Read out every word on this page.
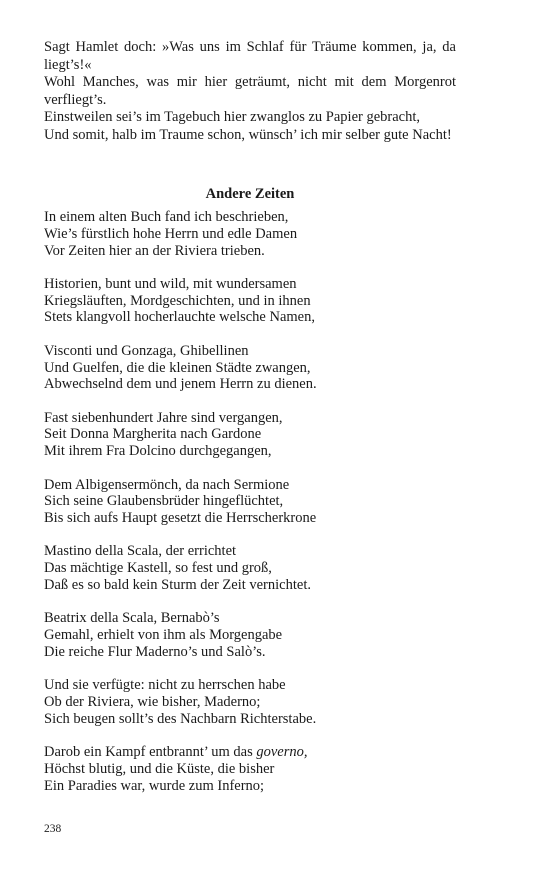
Sagt Hamlet doch: »Was uns im Schlaf für Träume kommen, ja, da liegt’s!«

Wohl Manches, was mir hier geträumt, nicht mit dem Morgenrot verfliegt’s.

Einstweilen sei’s im Tagebuch hier zwanglos zu Papier gebracht,

Und somit, halb im Traume schon, wünsch’ ich mir selber gute Nacht!

Andere Zeiten
In einem alten Buch fand ich beschrieben,
Wie’s fürstlich hohe Herrn und edle Damen
Vor Zeiten hier an der Riviera trieben.
Historien, bunt und wild, mit wundersamen
Kriegsläuften, Mordgeschichten, und in ihnen
Stets klangvoll hocherlauchte welsche Namen,
Visconti und Gonzaga, Ghibellinen
Und Guelfen, die die kleinen Städte zwangen,
Abwechselnd dem und jenem Herrn zu dienen.
Fast siebenhundert Jahre sind vergangen,
Seit Donna Margherita nach Gardone
Mit ihrem Fra Dolcino durchgegangen,
Dem Albigensermönch, da nach Sermione
Sich seine Glaubensbrüder hingeflüchtet,
Bis sich aufs Haupt gesetzt die Herrscherkrone
Mastino della Scala, der errichtet
Das mächtige Kastell, so fest und groß,
Daß es so bald kein Sturm der Zeit vernichtet.
Beatrix della Scala, Bernabò’s
Gemahl, erhielt von ihm als Morgengabe
Die reiche Flur Maderno’s und Salò’s.
Und sie verfügte: nicht zu herrschen habe
Ob der Riviera, wie bisher, Maderno;
Sich beugen sollt’s des Nachbarn Richterstabe.
Darob ein Kampf entbrannt’ um das governo,
Höchst blutig, und die Küste, die bisher
Ein Paradies war, wurde zum Inferno;
238
